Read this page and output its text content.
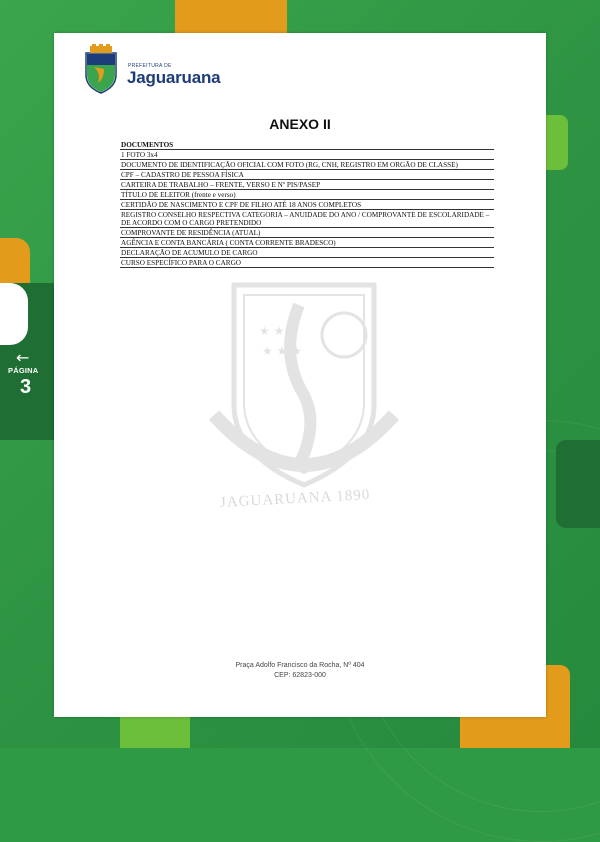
←
PÁGINA
3
PREFEITURA DE
Jaguaruana
★ ★ ★
★ ★ ★
JAGUARUANA 1890
ANEXO II
DOCUMENTOS
1 FOTO 3x4
DOCUMENTO DE IDENTIFICAÇÃO OFICIAL COM FOTO (RG, CNH, REGISTRO EM ORGÃO DE CLASSE)
CPF – CADASTRO DE PESSOA FÍSICA
CARTEIRA DE TRABALHO – FRENTE, VERSO E Nº PIS/PASEP
TÍTULO DE ELEITOR (frente e verso)
CERTIDÃO DE NASCIMENTO E CPF DE FILHO ATÉ 18 ANOS COMPLETOS
REGISTRO CONSELHO RESPECTIVA CATEGORIA – ANUIDADE DO ANO / COMPROVANTE DE ESCOLARIDADE – DE ACORDO COM O CARGO PRETENDIDO
COMPROVANTE DE RESIDÊNCIA (ATUAL)
AGÊNCIA E CONTA BANCÁRIA ( CONTA CORRENTE BRADESCO)
DECLARAÇÃO DE ACUMULO DE CARGO
CURSO ESPECÍFICO PARA O CARGO
Praça Adolfo Francisco da Rocha, Nº 404
CEP: 62823-000
